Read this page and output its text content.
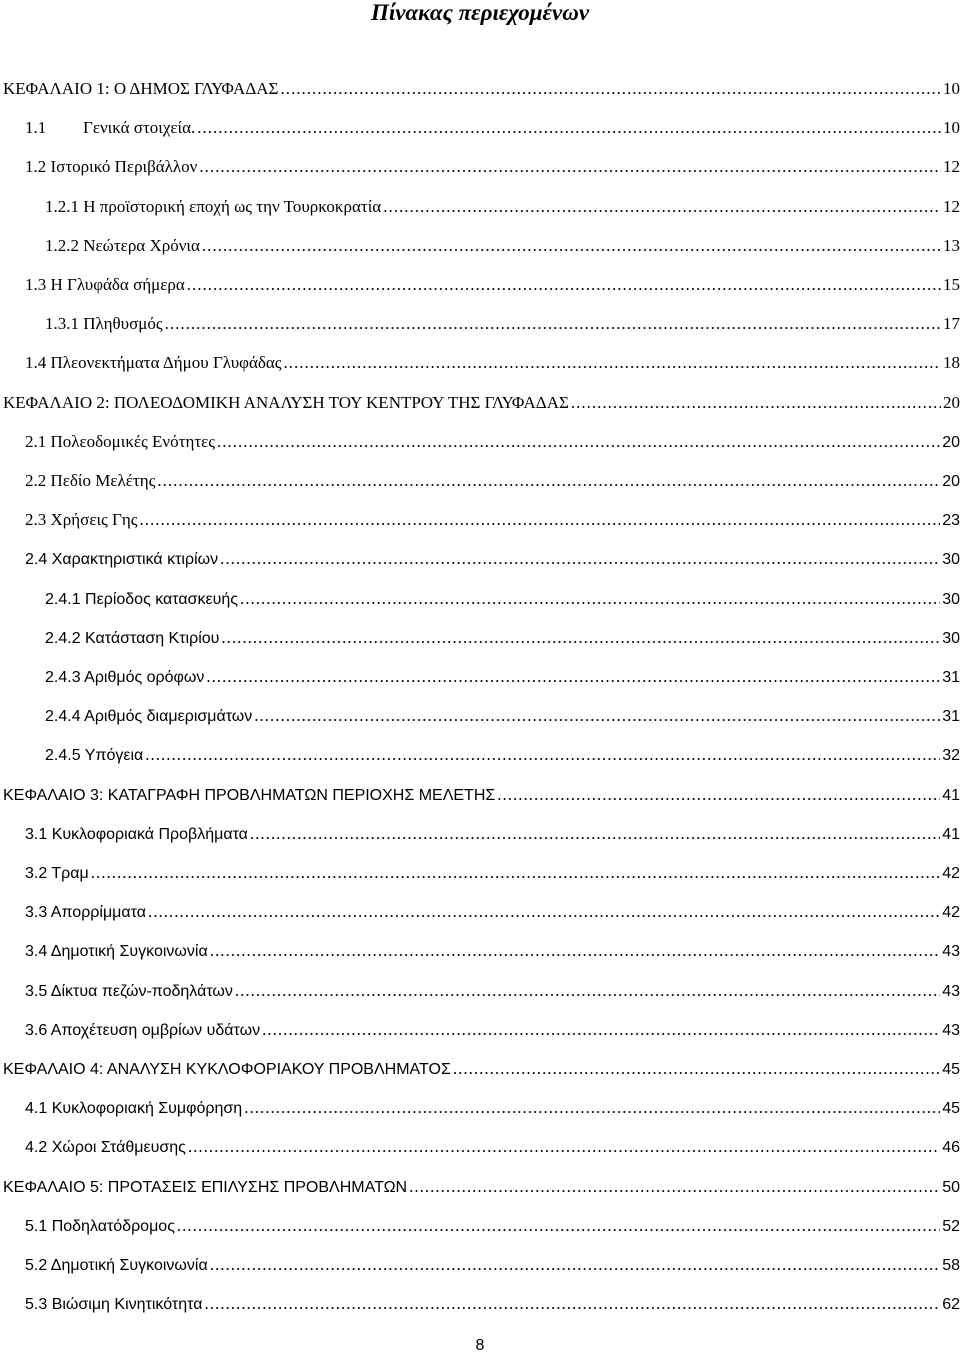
Πίνακας περιεχομένων
ΚΕΦΑΛΑΙΟ 1: Ο ΔΗΜΟΣ ΓΛΥΦΑΔΑΣ .....	10
1.1 Γενικά στοιχεία. .....	10
1.2 Ιστορικό Περιβάλλον .....	12
1.2.1 Η προϊστορική εποχή ως την Τουρκοκρατία .....	12
1.2.2 Νεώτερα Χρόνια .....	13
1.3 Η Γλυφάδα σήμερα .....	15
1.3.1 Πληθυσμός .....	17
1.4 Πλεονεκτήματα Δήμου Γλυφάδας .....	18
ΚΕΦΑΛΑΙΟ 2: ΠΟΛΕΟΔΟΜΙΚΗ ΑΝΑΛΥΣΗ ΤΟΥ ΚΕΝΤΡΟΥ ΤΗΣ ΓΛΥΦΑΔΑΣ .....	20
2.1 Πολεοδομικές Ενότητες .....	20
2.2 Πεδίο Μελέτης .....	20
2.3 Χρήσεις Γης .....	23
2.4 Χαρακτηριστικά κτιρίων .....	30
2.4.1 Περίοδος κατασκευής .....	30
2.4.2 Κατάσταση Κτιρίου .....	30
2.4.3 Αριθμός ορόφων .....	31
2.4.4 Αριθμός διαμερισμάτων .....	31
2.4.5 Υπόγεια .....	32
ΚΕΦΑΛΑΙΟ 3: ΚΑΤΑΓΡΑΦΗ ΠΡΟΒΛΗΜΑΤΩΝ ΠΕΡΙΟΧΗΣ ΜΕΛΕΤΗΣ .....	41
3.1 Κυκλοφοριακά Προβλήματα .....	41
3.2 Τραμ .....	42
3.3 Απορρίμματα .....	42
3.4 Δημοτική Συγκοινωνία .....	43
3.5 Δίκτυα πεζών-ποδηλάτων .....	43
3.6 Αποχέτευση ομβρίων υδάτων .....	43
ΚΕΦΑΛΑΙΟ 4: ΑΝΑΛΥΣΗ ΚΥΚΛΟΦΟΡΙΑΚΟΥ ΠΡΟΒΛΗΜΑΤΟΣ .....	45
4.1 Κυκλοφοριακή Συμφόρηση .....	45
4.2 Χώροι Στάθμευσης .....	46
ΚΕΦΑΛΑΙΟ 5: ΠΡΟΤΑΣΕΙΣ ΕΠΙΛΥΣΗΣ ΠΡΟΒΛΗΜΑΤΩΝ .....	50
5.1 Ποδηλατόδρομος .....	52
5.2 Δημοτική Συγκοινωνία .....	58
5.3 Βιώσιμη Κινητικότητα .....	62
8
